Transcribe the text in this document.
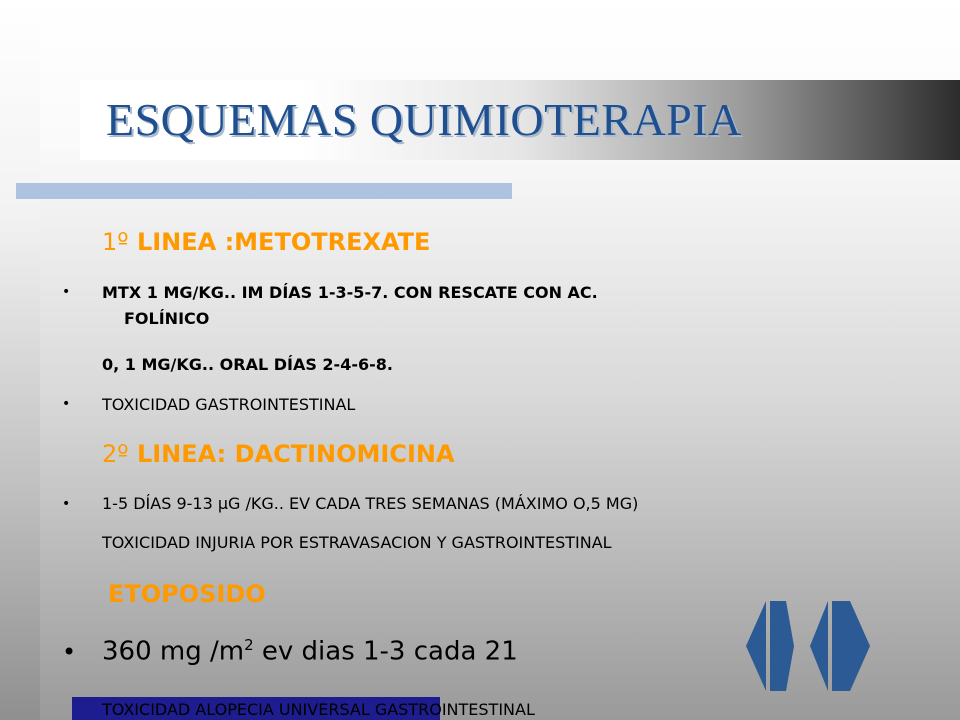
ESQUEMAS QUIMIOTERAPIA
1º LINEA :METOTREXATE
• MTX 1 MG/KG.. IM DÍAS 1-3-5-7. CON RESCATE CON AC.

FOLÍNICO

0, 1 MG/KG.. ORAL DÍAS 2-4-6-8.

• TOXICIDAD GASTROINTESTINAL

2º LINEA: DACTINOMICINA
• 1-5 DÍAS 9-13 μG /KG.. EV CADA TRES SEMANAS (MÁXIMO O,5 MG)

TOXICIDAD INJURIA POR ESTRAVASACION Y GASTROINTESTINAL

ETOPOSIDO
• 360 mg $/m^2$ ev dias 1-3 cada 21

TOXICIDAD ALOPECIA UNIVERSAL GASTROINTESTINAL
